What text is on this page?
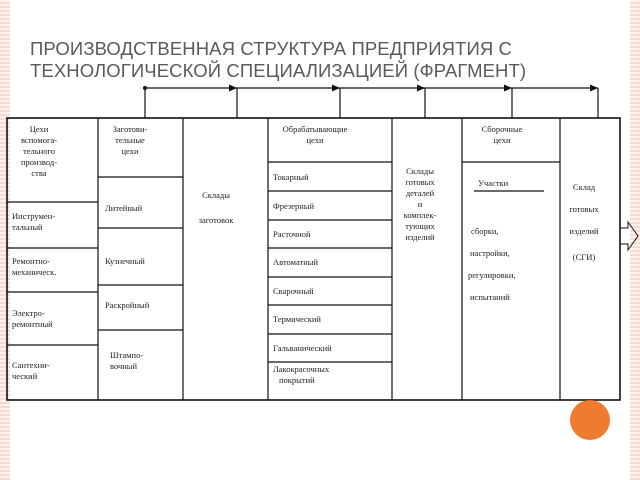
ПРОИЗВОДСТВЕННАЯ СТРУКТУРА ПРЕДПРИЯТИЯ С
ТЕХНОЛОГИЧЕСКОЙ СПЕЦИАЛИЗАЦИЕЙ (ФРАГМЕНТ)
Цехи
вспомога-
тельного
производ-
ства
Инструмен-
тальный
Ремонтно-
механическ.
Электро-
ремонтный
Сантехни-
ческий
Заготови-
тельные
цехи
Литейный
Кузнечный
Раскройный
Штампо-
вочный
Склады
заготовок
Обрабатывающие
цехи
Токарный
Фрезерный
Расточной
Автоматный
Сварочный
Термический
Гальванический
Лакокрасочных
покрытий
Склады
готовых
деталей
и
комплек-
тующих
изделий
Сборочные
цехи
Участки
сборки,
настройки,
регулировки,
испытаний
Склад
готовых
изделий
(СГИ)
